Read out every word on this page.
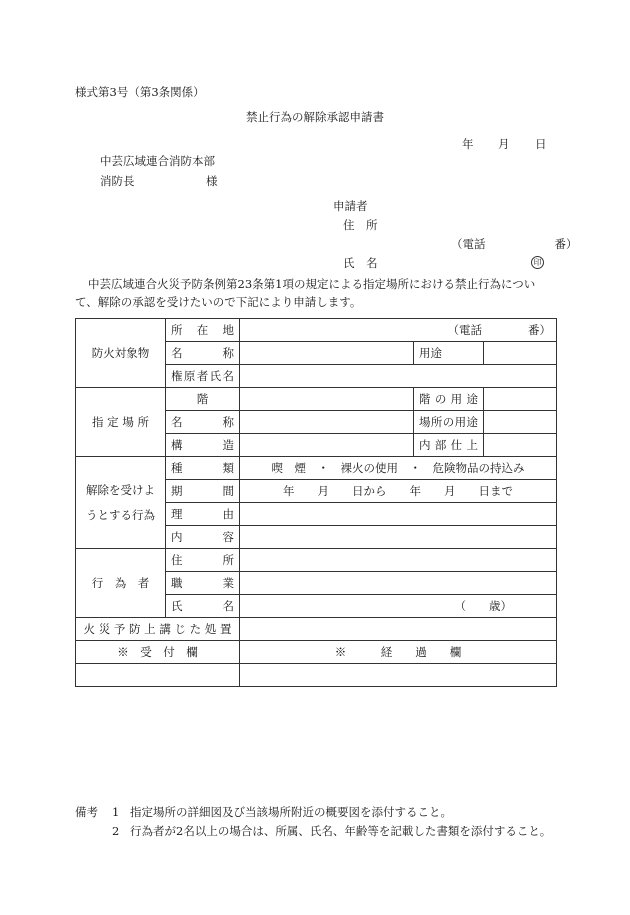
様式第3号（第3条関係）
禁止行為の解除承認申請書
年 月 日
中芸広域連合消防本部
消防長	様
申請者
住　所
（電話　　　　　　番）
氏　名	印
中芸広域連合火災予防条例第23条第1項の規定による指定場所における禁止行為につい
て、解除の承認を受けたいので下記により申請します。
防火対象物	所　在　地	（電話　　　　番）		
	名　　　称		用途	
	権原者氏名			
指 定 場 所	階		階 の 用 途	
	名　　　称		場所の用途	
	構　　　造		内 部 仕 上	
解除を受けよ
うとする行為	種　　　類	喫　煙　・　裸火の使用　・　危険物品の持込み		
	期　　　間	年　　月　　日から　　年　　月　　日まで		
	理　　　由			
	内　　　容			
行　為　者	住　　　所			
	職　　　業			
	氏　　　名	（　　歳）		
火 災 予 防 上 講 じ た 処 置				
※　受　付　欄		※　　　経　　過　　欄		

備考 1 指定場所の詳細図及び当該場所附近の概要図を添付すること。
2 行為者が2名以上の場合は、所属、氏名、年齢等を記載した書類を添付すること。
